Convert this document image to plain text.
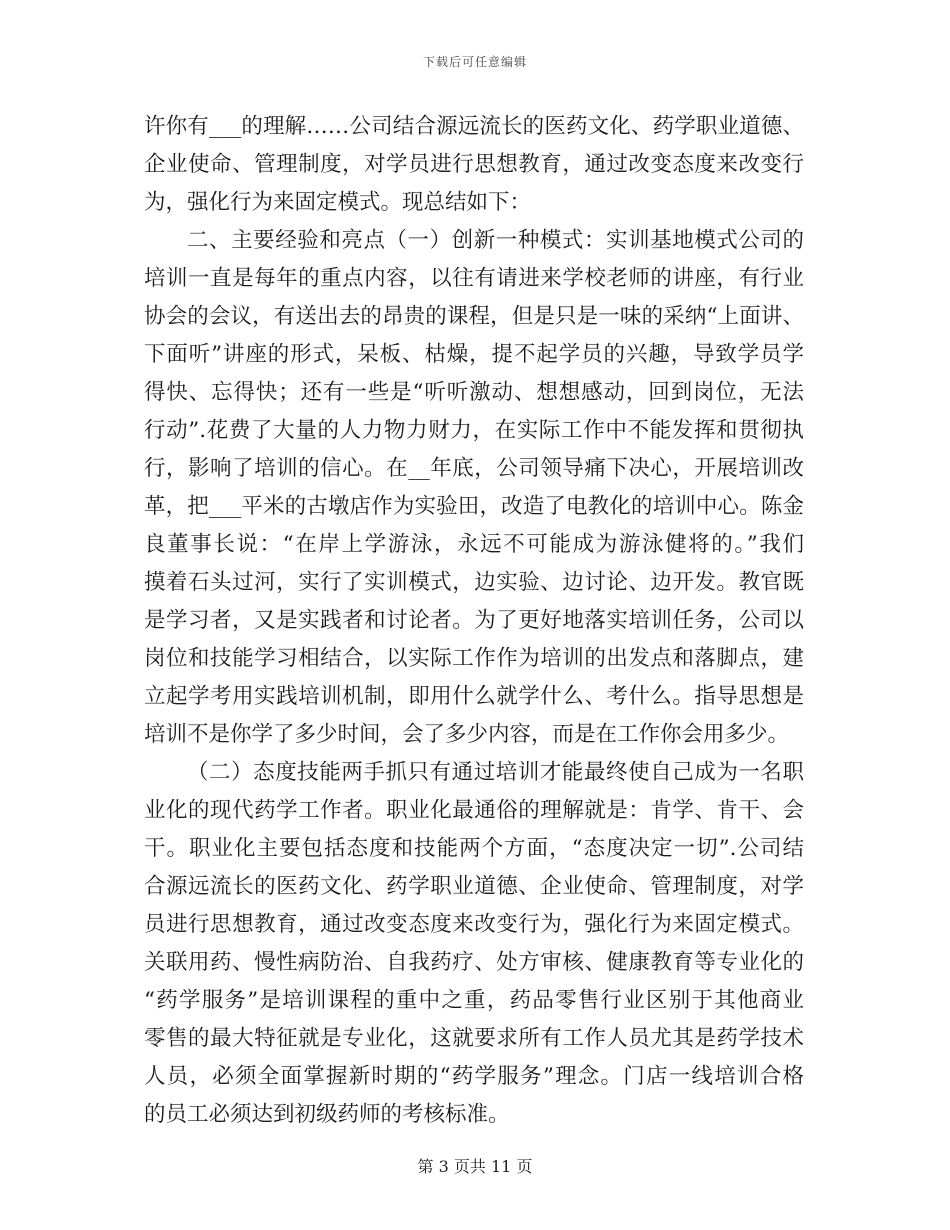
下载后可任意编辑
许你有___的理解……公司结合源远流长的医药文化、药学职业道德、
企业使命、管理制度，对学员进行思想教育，通过改变态度来改变行
为，强化行为来固定模式。现总结如下：
二、主要经验和亮点（一）创新一种模式：实训基地模式公司的
培训一直是每年的重点内容，以往有请进来学校老师的讲座，有行业
协会的会议，有送出去的昂贵的课程，但是只是一味的采纳“上面讲、
下面听”讲座的形式，呆板、枯燥，提不起学员的兴趣，导致学员学
得快、忘得快；还有一些是“听听激动、想想感动，回到岗位，无法
行动”.花费了大量的人力物力财力，在实际工作中不能发挥和贯彻执
行，影响了培训的信心。在__年底，公司领导痛下决心，开展培训改
革，把___平米的古墩店作为实验田，改造了电教化的培训中心。陈金
良董事长说：“在岸上学游泳，永远不可能成为游泳健将的。”我们
摸着石头过河，实行了实训模式，边实验、边讨论、边开发。教官既
是学习者，又是实践者和讨论者。为了更好地落实培训任务，公司以
岗位和技能学习相结合，以实际工作作为培训的出发点和落脚点，建
立起学考用实践培训机制，即用什么就学什么、考什么。指导思想是
培训不是你学了多少时间，会了多少内容，而是在工作你会用多少。
（二）态度技能两手抓只有通过培训才能最终使自己成为一名职
业化的现代药学工作者。职业化最通俗的理解就是：肯学、肯干、会
干。职业化主要包括态度和技能两个方面，“态度决定一切”.公司结
合源远流长的医药文化、药学职业道德、企业使命、管理制度，对学
员进行思想教育，通过改变态度来改变行为，强化行为来固定模式。
关联用药、慢性病防治、自我药疗、处方审核、健康教育等专业化的
“药学服务”是培训课程的重中之重，药品零售行业区别于其他商业
零售的最大特征就是专业化，这就要求所有工作人员尤其是药学技术
人员，必须全面掌握新时期的“药学服务”理念。门店一线培训合格
的员工必须达到初级药师的考核标准。
第 3 页共 11 页
